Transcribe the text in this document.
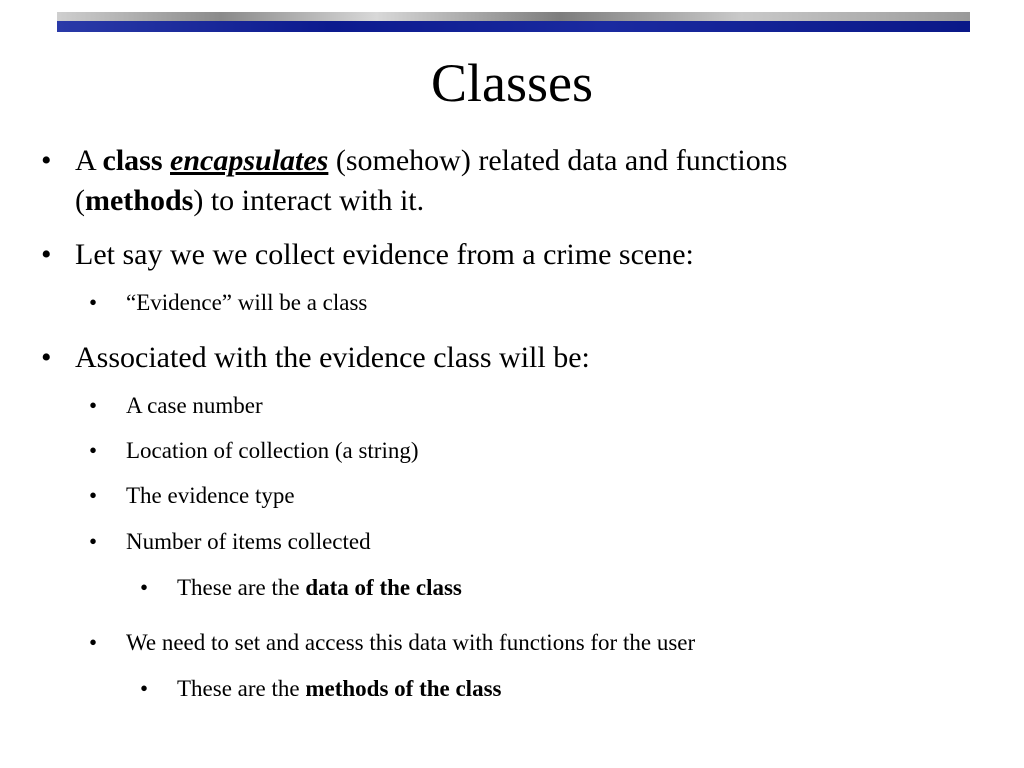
Classes
• A class encapsulates (somehow) related data and functions
(methods) to interact with it.
• Let say we we collect evidence from a crime scene:
• “Evidence” will be a class
• Associated with the evidence class will be:
• A case number
• Location of collection (a string)
• The evidence type
• Number of items collected
• These are the data of the class
• We need to set and access this data with functions for the user
• These are the methods of the class
